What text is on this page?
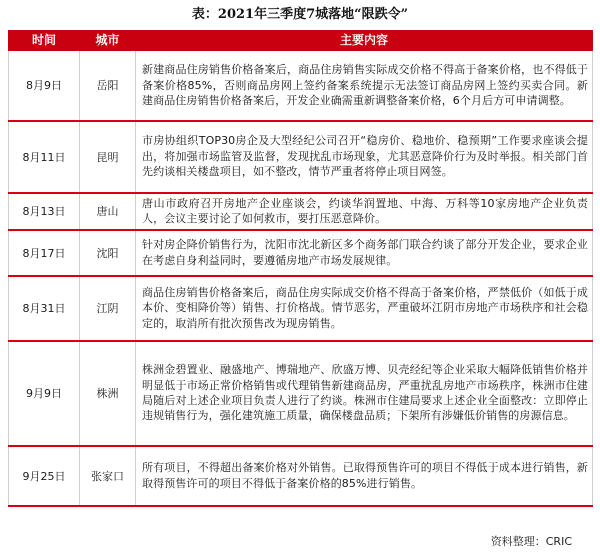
表：2021年三季度7城落地“限跌令”
时间	城市	主要内容
8月9日	岳阳	新建商品住房销售价格备案后，商品住房销售实际成交价格不得高于备案价格，也不得低于备案价格85%，否则商品房网上签约备案系统提示无法签订商品房网上签约买卖合同。新建商品住房销售价格备案后，开发企业确需重新调整备案价格，6个月后方可申请调整。
8月11日	昆明	市房协组织TOP30房企及大型经纪公司召开“稳房价、稳地价、稳预期”工作要求座谈会提出，将加强市场监管及监督，发现扰乱市场现象，尤其恶意降价行为及时举报。相关部门首先约谈相关楼盘项目，如不整改，情节严重者将停止项目网签。
8月13日	唐山	唐山市政府召开房地产企业座谈会，约谈华润置地、中海、万科等10家房地产企业负责人，会议主要讨论了如何救市，要打压恶意降价。
8月17日	沈阳	针对房企降价销售行为，沈阳市沈北新区多个商务部门联合约谈了部分开发企业，要求企业在考虑自身利益同时，要遵循房地产市场发展规律。
8月31日	江阴	商品住房销售价格备案后，商品住房实际成交价格不得高于备案价格，严禁低价（如低于成本价、变相降价等）销售、打价格战。情节恶劣，严重破坏江阴市房地产市场秩序和社会稳定的，取消所有批次预售改为现房销售。
9月9日	株洲	株洲金碧置业、融盛地产、博瑞地产、欣盛万博、贝壳经纪等企业采取大幅降低销售价格并明显低于市场正常价格销售或代理销售新建商品房，严重扰乱房地产市场秩序，株洲市住建局随后对上述企业项目负责人进行了约谈。株洲市住建局要求上述企业全面整改：立即停止违规销售行为，强化建筑施工质量，确保楼盘品质；下架所有涉嫌低价销售的房源信息。
9月25日	张家口	所有项目，不得超出备案价格对外销售。已取得预售许可的项目不得低于成本进行销售，新取得预售许可的项目不得低于备案价格的85%进行销售。
资料整理：CRIC
